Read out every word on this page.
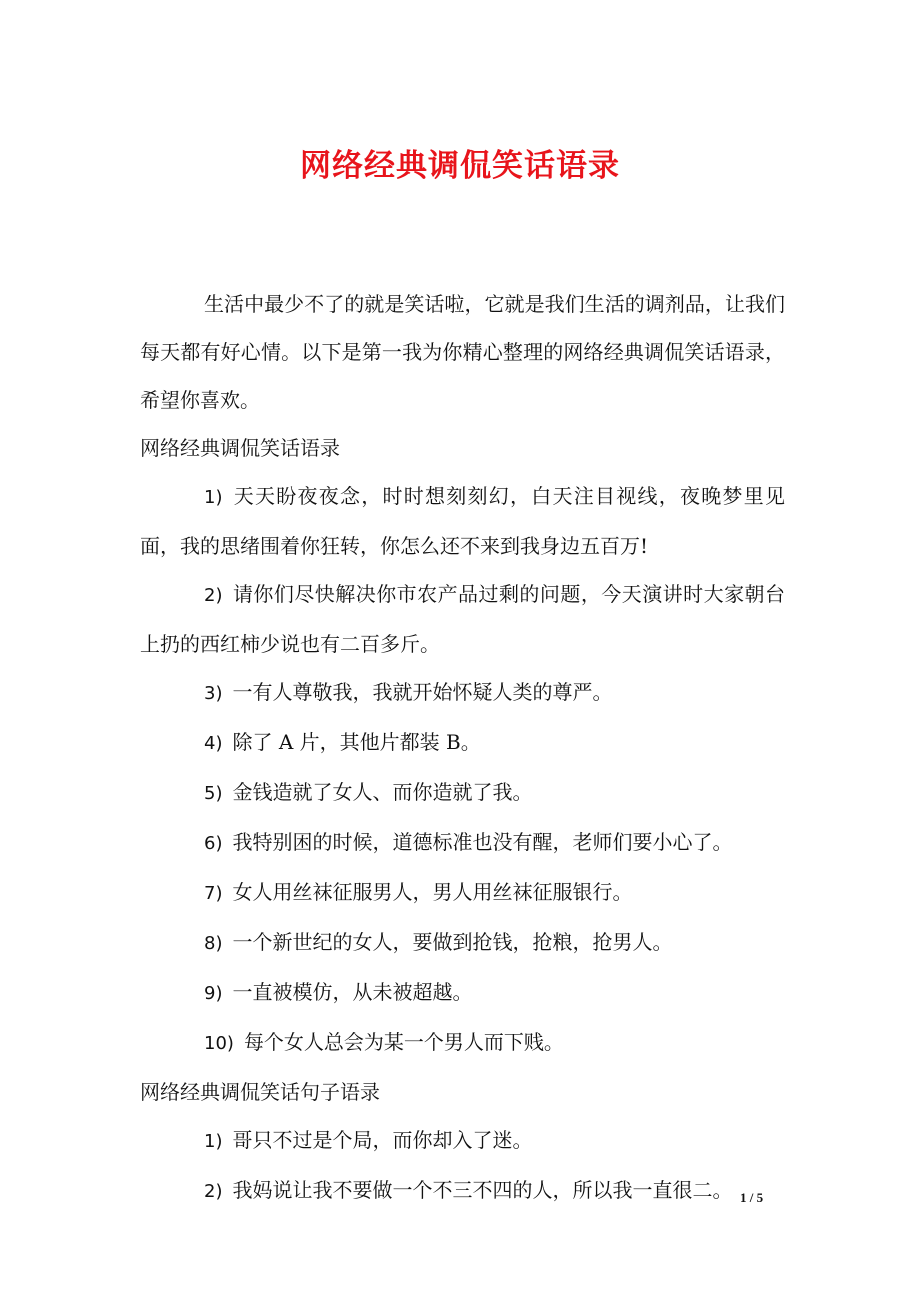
网络经典调侃笑话语录

生活中最少不了的就是笑话啦，它就是我们生活的调剂品，让我们每天都有好心情。以下是第一我为你精心整理的网络经典调侃笑话语录，希望你喜欢。

网络经典调侃笑话语录

1) 天天盼夜夜念，时时想刻刻幻，白天注目视线，夜晚梦里见面，我的思绪围着你狂转，你怎么还不来到我身边五百万!

2) 请你们尽快解决你市农产品过剩的问题，今天演讲时大家朝台上扔的西红柿少说也有二百多斤。

3) 一有人尊敬我，我就开始怀疑人类的尊严。

4) 除了 A 片，其他片都装 B。

5) 金钱造就了女人、而你造就了我。

6) 我特别困的时候，道德标准也没有醒，老师们要小心了。

7) 女人用丝袜征服男人，男人用丝袜征服银行。

8) 一个新世纪的女人，要做到抢钱，抢粮，抢男人。

9) 一直被模仿，从未被超越。

10) 每个女人总会为某一个男人而下贱。

网络经典调侃笑话句子语录

1) 哥只不过是个局，而你却入了迷。

2) 我妈说让我不要做一个不三不四的人，所以我一直很二。 1 / 5
